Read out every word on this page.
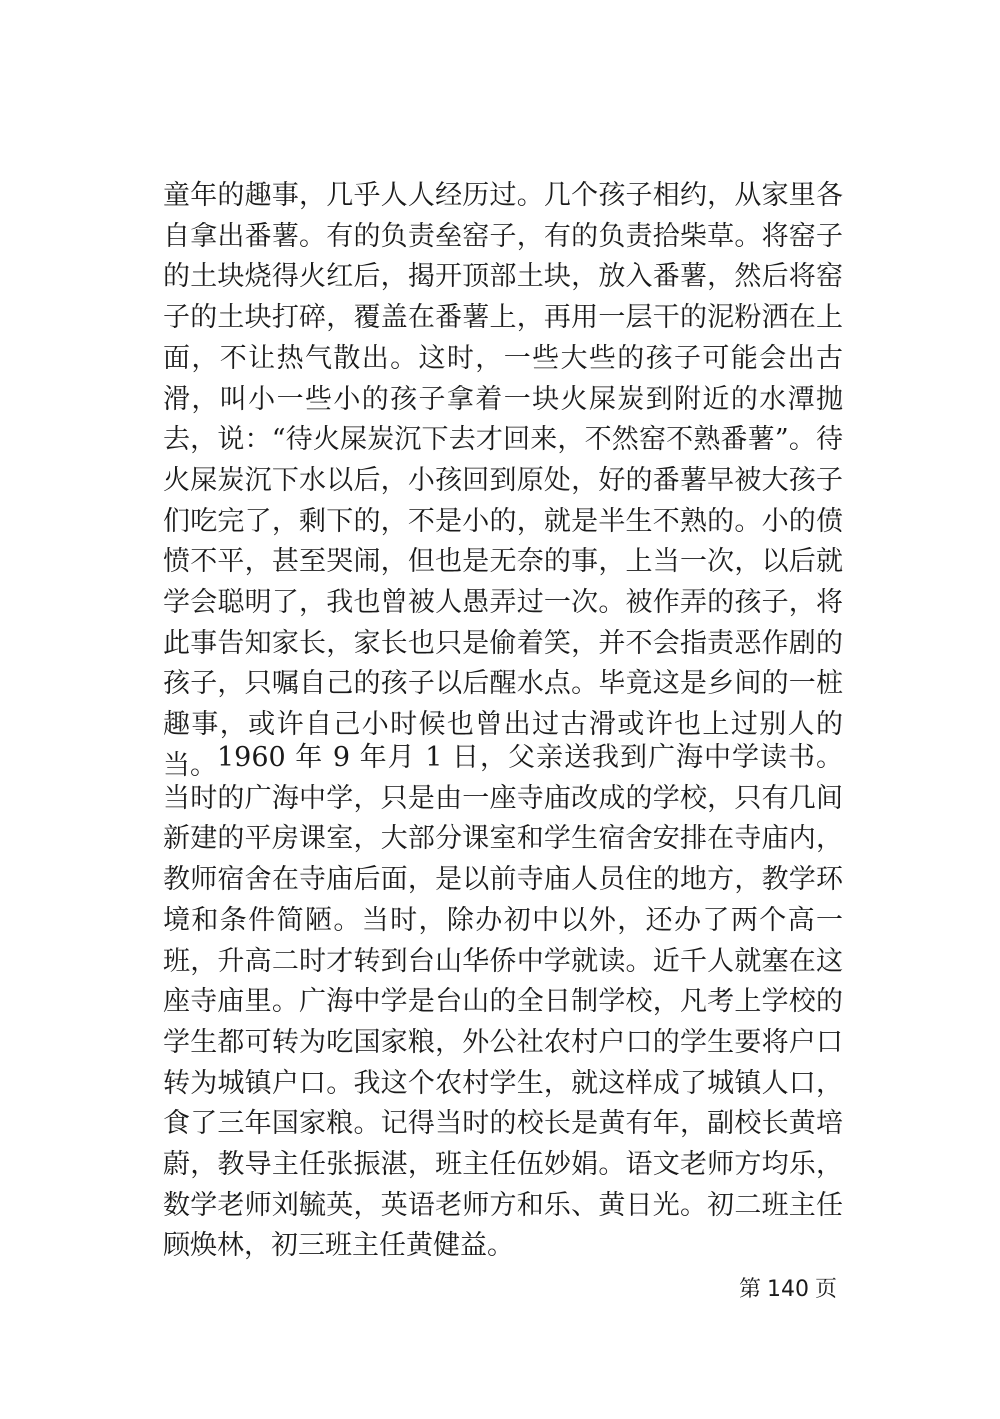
童年的趣事，几乎人人经历过。几个孩子相约，从家里各自拿出番薯。有的负责垒窑子，有的负责拾柴草。将窑子的土块烧得火红后，揭开顶部土块，放入番薯，然后将窑子的土块打碎，覆盖在番薯上，再用一层干的泥粉洒在上面，不让热气散出。这时，一些大些的孩子可能会出古滑，叫小一些小的孩子拿着一块火屎炭到附近的水潭抛去，说：“待火屎炭沉下去才回来，不然窑不熟番薯”。待火屎炭沉下水以后，小孩回到原处，好的番薯早被大孩子们吃完了，剩下的，不是小的，就是半生不熟的。小的偾愤不平，甚至哭闹，但也是无奈的事，上当一次，以后就学会聪明了，我也曾被人愚弄过一次。被作弄的孩子，将此事告知家长，家长也只是偷着笑，并不会指责恶作剧的孩子，只嘱自己的孩子以后醒水点。毕竟这是乡间的一桩趣事，或许自己小时候也曾出过古滑或许也上过别人的当。 1960 年 9 年月 1 日，父亲送我到广海中学读书。当时的广海中学，只是由一座寺庙改成的学校，只有几间新建的平房课室，大部分课室和学生宿舍安排在寺庙内，教师宿舍在寺庙后面，是以前寺庙人员住的地方，教学环境和条件简陋。当时，除办初中以外，还办了两个高一班，升高二时才转到台山华侨中学就读。近千人就塞在这座寺庙里。广海中学是台山的全日制学校，凡考上学校的学生都可转为吃国家粮，外公社农村户口的学生要将户口转为城镇户口。我这个农村学生，就这样成了城镇人口，食了三年国家粮。记得当时的校长是黄有年，副校长黄培蔚，教导主任张振湛，班主任伍妙娟。语文老师方均乐，数学老师刘毓英，英语老师方和乐、黄日光。初二班主任顾焕林，初三班主任黄健益。

第 140 页
